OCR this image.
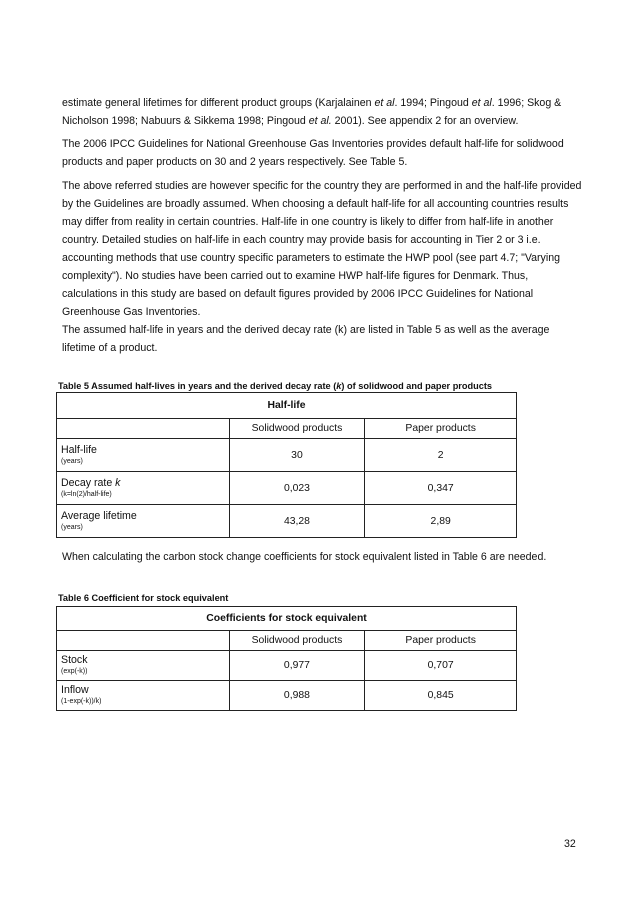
estimate general lifetimes for different product groups (Karjalainen et al. 1994; Pingoud et al. 1996; Skog & Nicholson 1998; Nabuurs & Sikkema 1998; Pingoud et al. 2001). See appendix 2 for an overview.
The 2006 IPCC Guidelines for National Greenhouse Gas Inventories provides default half-life for solidwood products and paper products on 30 and 2 years respectively. See Table 5.
The above referred studies are however specific for the country they are performed in and the half-life provided by the Guidelines are broadly assumed. When choosing a default half-life for all accounting countries results may differ from reality in certain countries. Half-life in one country is likely to differ from half-life in another country. Detailed studies on half-life in each country may provide basis for accounting in Tier 2 or 3 i.e. accounting methods that use country specific parameters to estimate the HWP pool (see part 4.7; "Varying complexity"). No studies have been carried out to examine HWP half-life figures for Denmark. Thus, calculations in this study are based on default figures provided by 2006 IPCC Guidelines for National Greenhouse Gas Inventories.
The assumed half-life in years and the derived decay rate (k) are listed in Table 5 as well as the average lifetime of a product.
Table 5 Assumed half-lives in years and the derived decay rate (k) of solidwood and paper products
Half-life		
	Solidwood products	Paper products

Half-life
(years)	30	2

Decay rate k
(k=ln(2)/half-life)	0,023	0,347

Average lifetime
(years)	43,28	2,89
When calculating the carbon stock change coefficients for stock equivalent listed in Table 6 are needed.
Table 6 Coefficient for stock equivalent
Coefficients for stock equivalent		
	Solidwood products	Paper products

Stock
(exp(-k))	0,977	0,707

Inflow
(1-exp(-k))/k)	0,988	0,845
32
